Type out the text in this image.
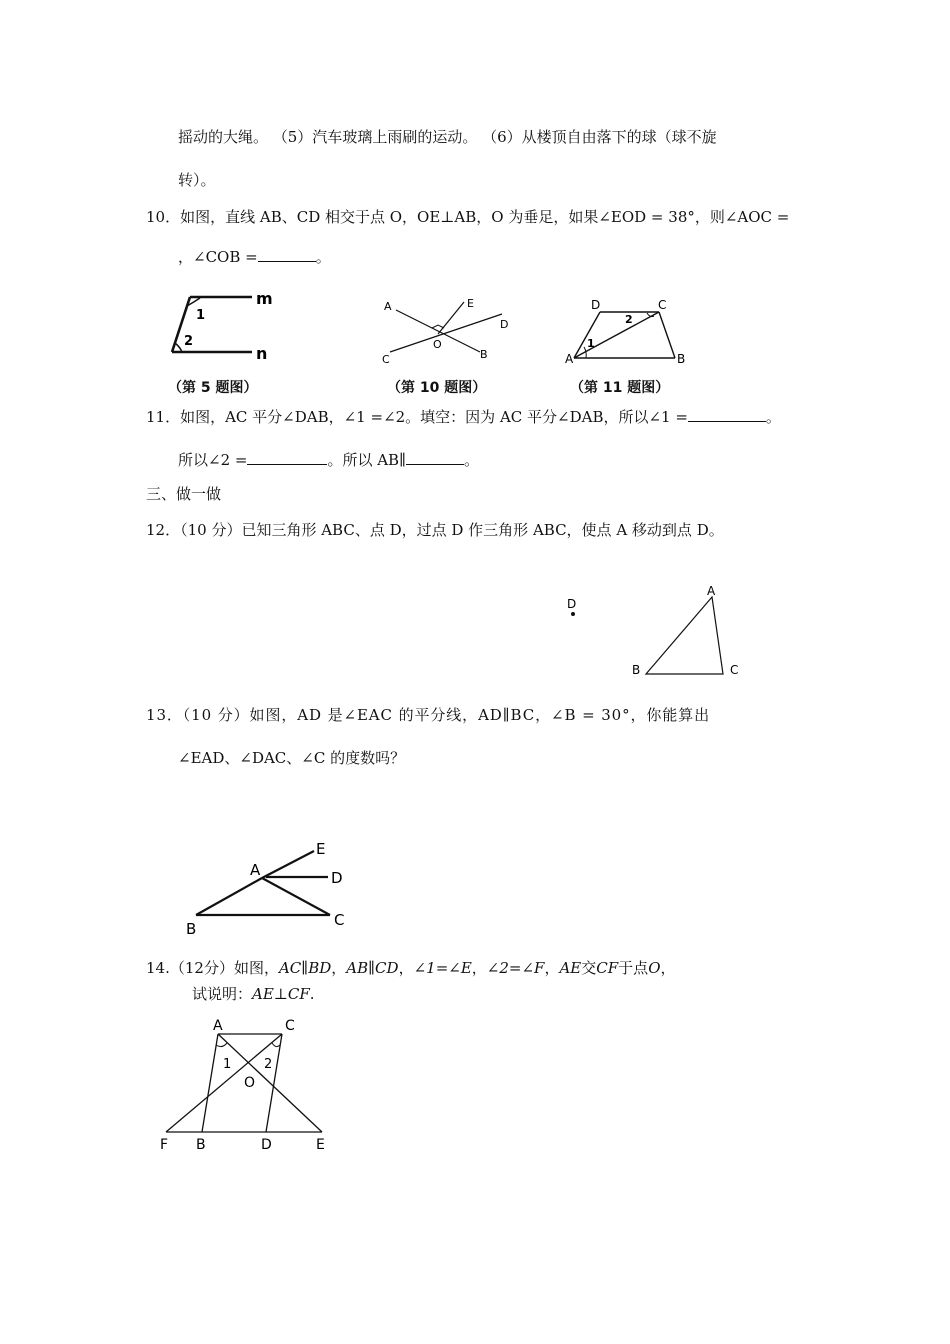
摇动的大绳。 （5）汽车玻璃上雨刷的运动。 （6）从楼顶自由落下的球（球不旋
转）。
10．如图，直线 AB、CD 相交于点 O，OE⊥AB，O 为垂足，如果∠EOD = 38°，则∠AOC =
，∠COB =	。
m
n
1
2
（第 5 题图）
A	E
D
C
O
B
（第 10 题图）
D	C
A	B
1
2
（第 11 题图）
11．如图，AC 平分∠DAB，∠1 =∠2。填空：因为 AC 平分∠DAB，所以∠1 =	。
所以∠2 =	。所以 AB∥	。
三、做一做
12．（10 分）已知三角形 ABC、点 D，过点 D 作三角形 ABC，使点 A 移动到点 D。
D
A
B	C
13．（10 分）如图，AD 是∠EAC 的平分线，AD∥BC，∠B = 30°，你能算出
∠EAD、∠DAC、∠C 的度数吗？
A
E
D
B	C
14.（12分）如图，AC∥BD，AB∥CD，∠1=∠E，∠2=∠F，AE交CF于点O，
试说明：AE⊥CF.
A	C
1	2
O
F B	D	E
